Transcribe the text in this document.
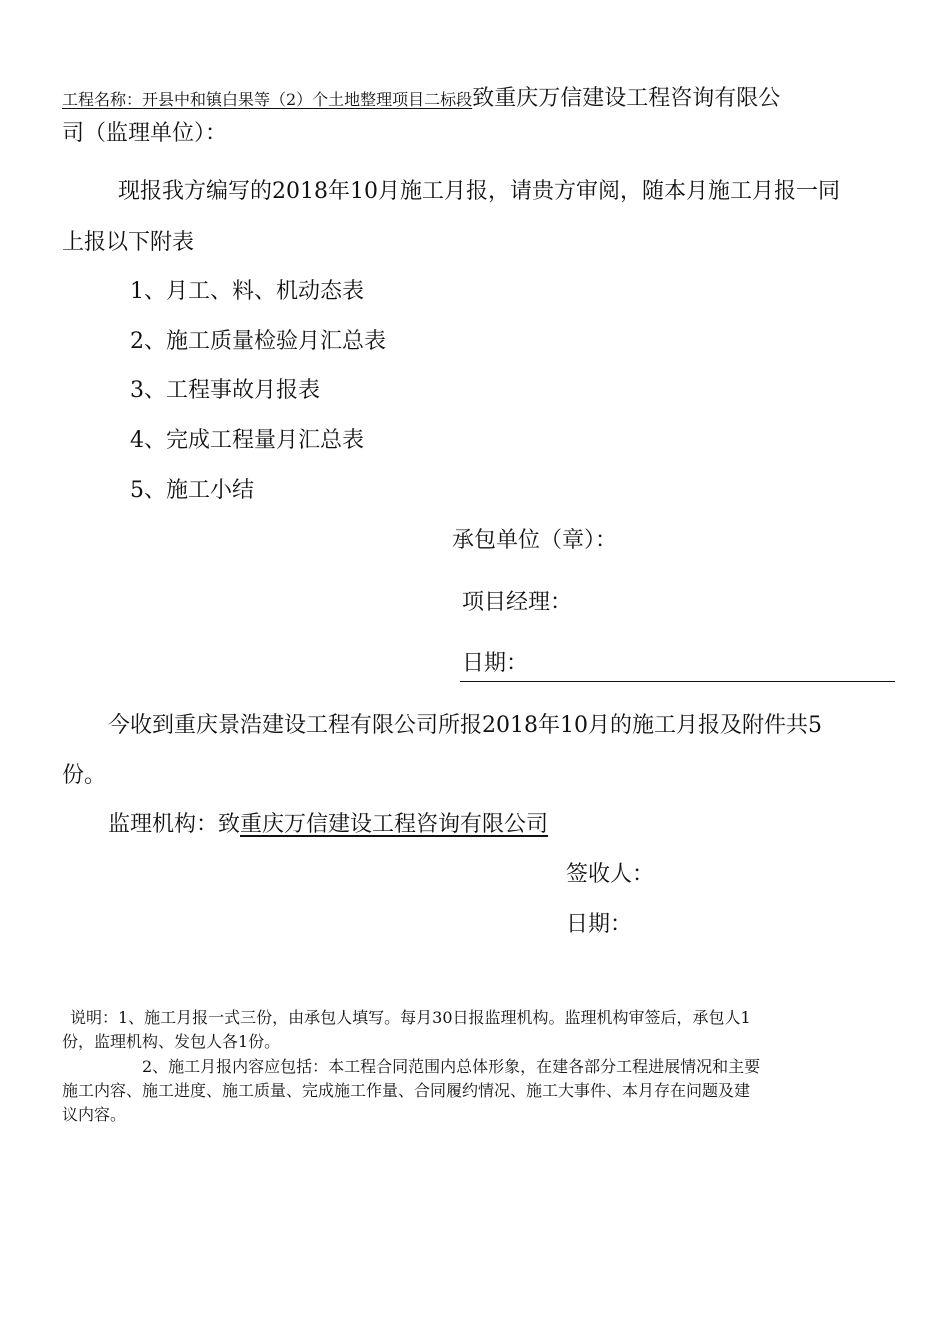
工程名称：开县中和镇白果等（2）个土地整理项目二标段致重庆万信建设工程咨询有限公
司（监理单位）：
现报我方编写的2018年10月施工月报，请贵方审阅，随本月施工月报一同
上报以下附表
1、月工、料、机动态表
2、施工质量检验月汇总表
3、工程事故月报表
4、完成工程量月汇总表
5、施工小结
承包单位（章）：
项目经理：
日期：
今收到重庆景浩建设工程有限公司所报2018年10月的施工月报及附件共5
份。
监理机构：致重庆万信建设工程咨询有限公司
签收人：
日期：
说明：1、施工月报一式三份，由承包人填写。每月30日报监理机构。监理机构审签后，承包人1
份，监理机构、发包人各1份。
2、施工月报内容应包括：本工程合同范围内总体形象，在建各部分工程进展情况和主要
施工内容、施工进度、施工质量、完成施工作量、合同履约情况、施工大事件、本月存在问题及建
议内容。
